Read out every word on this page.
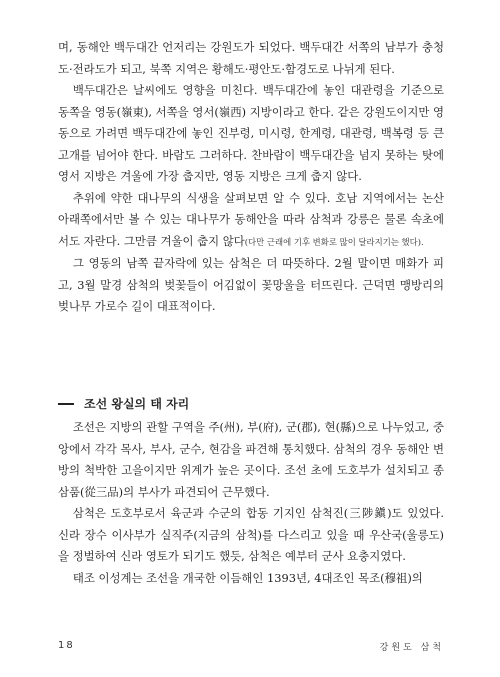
며, 동해안 백두대간 언저리는 강원도가 되었다. 백두대간 서쪽의 남부가 충청도·전라도가 되고, 북쪽 지역은 황해도·평안도·함경도로 나뉘게 된다.

백두대간은 날씨에도 영향을 미친다. 백두대간에 놓인 대관령을 기준으로 동쪽을 영동(嶺東), 서쪽을 영서(嶺西) 지방이라고 한다. 같은 강원도이지만 영동으로 가려면 백두대간에 놓인 진부령, 미시령, 한계령, 대관령, 백복령 등 큰 고개를 넘어야 한다. 바람도 그러하다. 찬바람이 백두대간을 넘지 못하는 탓에 영서 지방은 겨울에 가장 춥지만, 영동 지방은 크게 춥지 않다.

추위에 약한 대나무의 식생을 살펴보면 알 수 있다. 호남 지역에서는 논산 아래쪽에서만 볼 수 있는 대나무가 동해안을 따라 삼척과 강릉은 물론 속초에서도 자란다. 그만큼 겨울이 춥지 않다(다만 근래에 기후 변화로 많이 달라지기는 했다).

그 영동의 남쪽 끝자락에 있는 삼척은 더 따뜻하다. 2월 말이면 매화가 피고, 3월 말경 삼척의 벚꽃들이 어김없이 꽃망울을 터뜨린다. 근덕면 맹방리의 벚나무 가로수 길이 대표적이다.

조선 왕실의 태 자리

조선은 지방의 관할 구역을 주(州), 부(府), 군(郡), 현(縣)으로 나누었고, 중앙에서 각각 목사, 부사, 군수, 현감을 파견해 통치했다. 삼척의 경우 동해안 변방의 척박한 고을이지만 위계가 높은 곳이다. 조선 초에 도호부가 설치되고 종삼품(從三品)의 부사가 파견되어 근무했다.

삼척은 도호부로서 육군과 수군의 합동 기지인 삼척진(三陟鎭)도 있었다. 신라 장수 이사부가 실직주(지금의 삼척)를 다스리고 있을 때 우산국(울릉도)을 정벌하여 신라 영토가 되기도 했듯, 삼척은 예부터 군사 요충지였다.

태조 이성계는 조선을 개국한 이듬해인 1393년, 4대조인 목조(穆祖)의

18	강원도 삼척
